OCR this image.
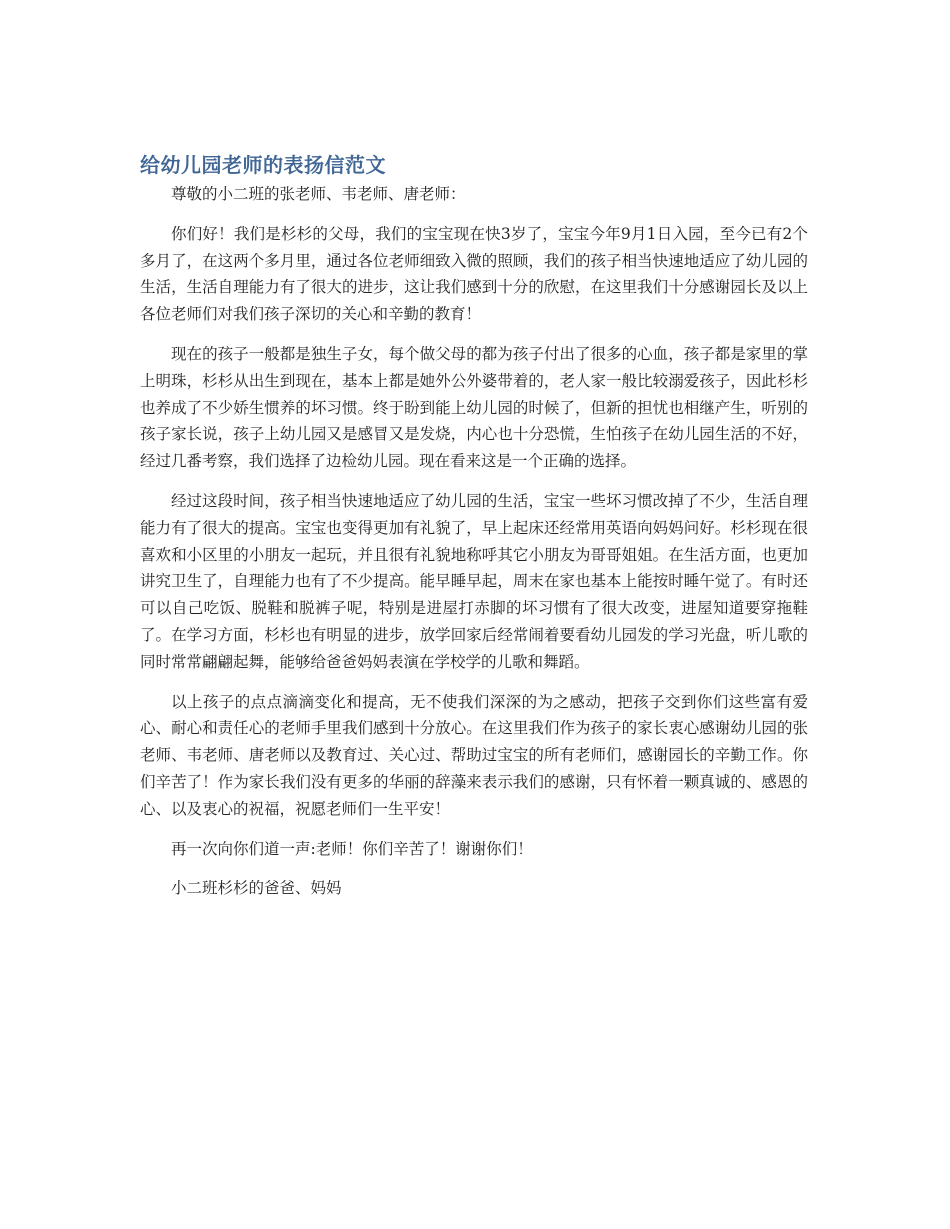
给幼儿园老师的表扬信范文

尊敬的小二班的张老师、韦老师、唐老师：

你们好！我们是杉杉的父母，我们的宝宝现在快3岁了，宝宝今年9月1日入园，至今已有2个多月了，在这两个多月里，通过各位老师细致入微的照顾，我们的孩子相当快速地适应了幼儿园的生活，生活自理能力有了很大的进步，这让我们感到十分的欣慰，在这里我们十分感谢园长及以上各位老师们对我们孩子深切的关心和辛勤的教育！

现在的孩子一般都是独生子女，每个做父母的都为孩子付出了很多的心血，孩子都是家里的掌上明珠，杉杉从出生到现在，基本上都是她外公外婆带着的，老人家一般比较溺爱孩子，因此杉杉也养成了不少娇生惯养的坏习惯。终于盼到能上幼儿园的时候了，但新的担忧也相继产生，听别的孩子家长说，孩子上幼儿园又是感冒又是发烧，内心也十分恐慌，生怕孩子在幼儿园生活的不好，经过几番考察，我们选择了边检幼儿园。现在看来这是一个正确的选择。

经过这段时间，孩子相当快速地适应了幼儿园的生活，宝宝一些坏习惯改掉了不少，生活自理能力有了很大的提高。宝宝也变得更加有礼貌了，早上起床还经常用英语向妈妈问好。杉杉现在很喜欢和小区里的小朋友一起玩，并且很有礼貌地称呼其它小朋友为哥哥姐姐。在生活方面，也更加讲究卫生了，自理能力也有了不少提高。能早睡早起，周末在家也基本上能按时睡午觉了。有时还可以自己吃饭、脱鞋和脱裤子呢，特别是进屋打赤脚的坏习惯有了很大改变，进屋知道要穿拖鞋了。在学习方面，杉杉也有明显的进步，放学回家后经常闹着要看幼儿园发的学习光盘，听儿歌的同时常常翩翩起舞，能够给爸爸妈妈表演在学校学的儿歌和舞蹈。

以上孩子的点点滴滴变化和提高，无不使我们深深的为之感动，把孩子交到你们这些富有爱心、耐心和责任心的老师手里我们感到十分放心。在这里我们作为孩子的家长衷心感谢幼儿园的张老师、韦老师、唐老师以及教育过、关心过、帮助过宝宝的所有老师们，感谢园长的辛勤工作。你们辛苦了！作为家长我们没有更多的华丽的辞藻来表示我们的感谢，只有怀着一颗真诚的、感恩的心、以及衷心的祝福，祝愿老师们一生平安！

再一次向你们道一声:老师！你们辛苦了！谢谢你们！

小二班杉杉的爸爸、妈妈
